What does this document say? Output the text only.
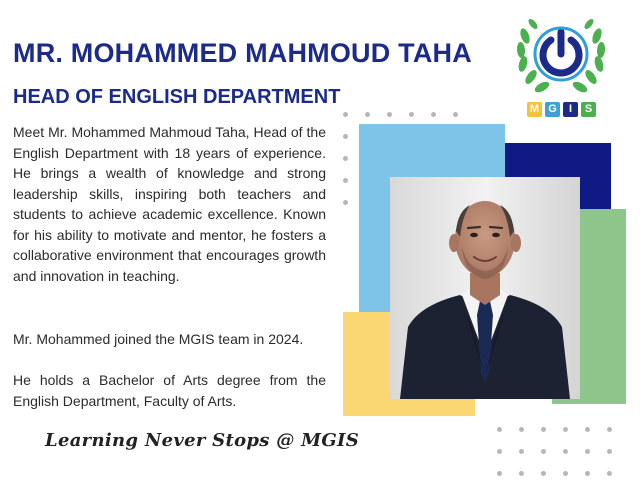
MR. MOHAMMED MAHMOUD TAHA
HEAD OF ENGLISH DEPARTMENT

Meet Mr. Mohammed Mahmoud Taha, Head of the English Department with 18 years of experience. He brings a wealth of knowledge and strong leadership skills, inspiring both teachers and students to achieve academic excellence. Known for his ability to motivate and mentor, he fosters a collaborative environment that encourages growth and innovation in teaching.

Mr. Mohammed joined the MGIS team in 2024.

He holds a Bachelor of Arts degree from the English Department, Faculty of Arts.

Learning Never Stops @ MGIS

M G	I	S
